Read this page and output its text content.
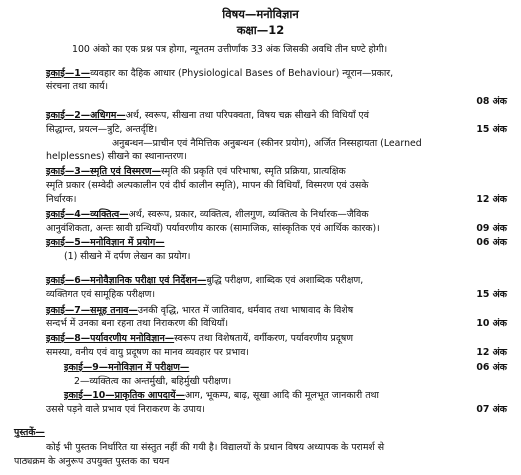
विषय—मनोविज्ञान
कक्षा—12
100 अंको का एक प्रश्न पत्र होगा, न्यूनतम उत्तीर्णांक 33 अंक जिसकी अवधि तीन घण्टे होगी।
इकाई—1—व्यवहार का दैहिक आधार (Physiological Bases of Behaviour) न्यूरान—प्रकार,
संरचना तथा कार्य।
08 अंक
इकाई—2—अधिगम—अर्थ, स्वरूप, सीखना तथा परिपक्वता, विषय चक्र सीखने की विधियाँ एवं
सिद्धान्त, प्रयत्न—त्रुटि, अन्तर्दृष्टि।	15 अंक
अनुबन्धन—प्राचीन एवं नैमित्तिक अनुबन्धन (स्कीनर प्रयोग), अर्जित निस्सहायता (Learned
helplessnes) सीखने का स्थानान्तरण।
इकाई—3—स्मृति एवं विस्मरण—स्मृति की प्रकृति एवं परिभाषा, स्मृति प्रक्रिया, प्रात्यक्षिक
स्मृति प्रकार (सम्वेदी अल्पकालीन एवं दीर्घ कालीन स्मृति), मापन की विधियाँ, विस्मरण एवं उसके
निर्धारक।	12 अंक
इकाई—4—व्यक्तित्व—अर्थ, स्वरूप, प्रकार, व्यक्तित्व, शीलगुण, व्यक्तित्व के निर्धारक—जैविक
आनुवंशिकता, अन्तः स्रावी ग्रन्थियाँ) पर्यावरणीय कारक (सामाजिक, सांस्कृतिक एवं आर्थिक कारक)।	09 अंक
इकाई—5—मनोविज्ञान में प्रयोग—	06 अंक
(1) सीखने में दर्पण लेखन का प्रयोग।
इकाई—6—मनोवैज्ञानिक परीक्षा एवं निर्देशन—बुद्धि परीक्षण, शाब्दिक एवं अशाब्दिक परीक्षण,
व्यक्तिगत एवं सामूहिक परीक्षण।	15 अंक
इकाई—7—समूह तनाव—उनकी वृद्धि, भारत में जातिवाद, धर्मवाद तथा भाषावाद के विशेष
सन्दर्भ में उनका बना रहना तथा निराकरण की विधियाँ।	10 अंक
इकाई—8—पर्यावरणीय मनोविज्ञान—स्वरूप तथा विशेषतायें, वर्गीकरण, पर्यावरणीय प्रदूषण
समस्या, वनीय एवं वायु प्रदूषण का मानव व्यवहार पर प्रभाव।	12 अंक
इकाई—9—मनोविज्ञान में परीक्षण—	06 अंक
2—व्यक्तित्व का अन्तर्मुखी, बहिर्मुखी परीक्षण।
इकाई—10—प्राकृतिक आपदायें—आग, भूकम्प, बाढ़, सूखा आदि की मूलभूत जानकारी तथा
उससे पड़ने वाले प्रभाव एवं निराकरण के उपाय।	07 अंक
पुस्तकें—
कोई भी पुस्तक निर्धारित या संस्तुत नहीं की गयी है। विद्यालयों के प्रधान विषय अध्यापक के परामर्श से
पाठ्यक्रम के अनुरूप उपयुक्त पुस्तक का चयन
